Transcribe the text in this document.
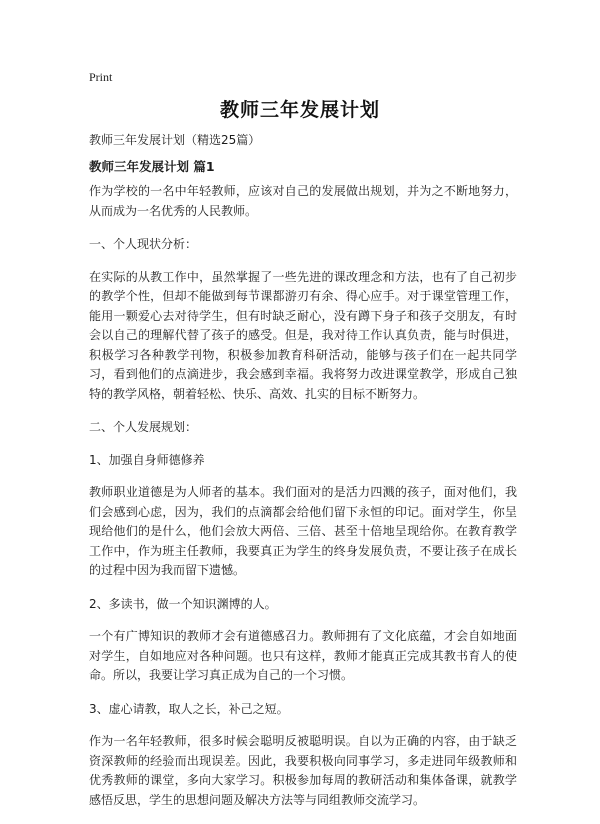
Print
教师三年发展计划

教师三年发展计划（精选25篇）

教师三年发展计划 篇1

作为学校的一名中年轻教师，应该对自己的发展做出规划，并为之不断地努力，从而成为一名优秀的人民教师。

一、个人现状分析：

在实际的从教工作中，虽然掌握了一些先进的课改理念和方法，也有了自己初步的教学个性，但却不能做到每节课都游刃有余、得心应手。对于课堂管理工作，能用一颗爱心去对待学生，但有时缺乏耐心，没有蹲下身子和孩子交朋友，有时会以自己的理解代替了孩子的感受。但是，我对待工作认真负责，能与时俱进，积极学习各种教学刊物，积极参加教育科研活动，能够与孩子们在一起共同学习，看到他们的点滴进步，我会感到幸福。我将努力改进课堂教学，形成自己独特的教学风格，朝着轻松、快乐、高效、扎实的目标不断努力。

二、个人发展规划：

1、加强自身师德修养

教师职业道德是为人师者的基本。我们面对的是活力四溅的孩子，面对他们，我们会感到心虑，因为，我们的点滴都会给他们留下永恒的印记。面对学生，你呈现给他们的是什么，他们会放大两倍、三倍、甚至十倍地呈现给你。在教育教学工作中，作为班主任教师，我要真正为学生的终身发展负责，不要让孩子在成长的过程中因为我而留下遗憾。

2、多读书，做一个知识渊博的人。

一个有广博知识的教师才会有道德感召力。教师拥有了文化底蕴，才会自如地面对学生，自如地应对各种问题。也只有这样，教师才能真正完成其教书育人的使命。所以，我要让学习真正成为自己的一个习惯。

3、虚心请教，取人之长，补己之短。

作为一名年轻教师，很多时候会聪明反被聪明误。自以为正确的内容，由于缺乏资深教师的经验而出现误差。因此，我要积极向同事学习，多走进同年级教师和优秀教师的课堂，多向大家学习。积极参加每周的教研活动和集体备课，就教学感悟反思，学生的思想问题及解决方法等与同组教师交流学习。
